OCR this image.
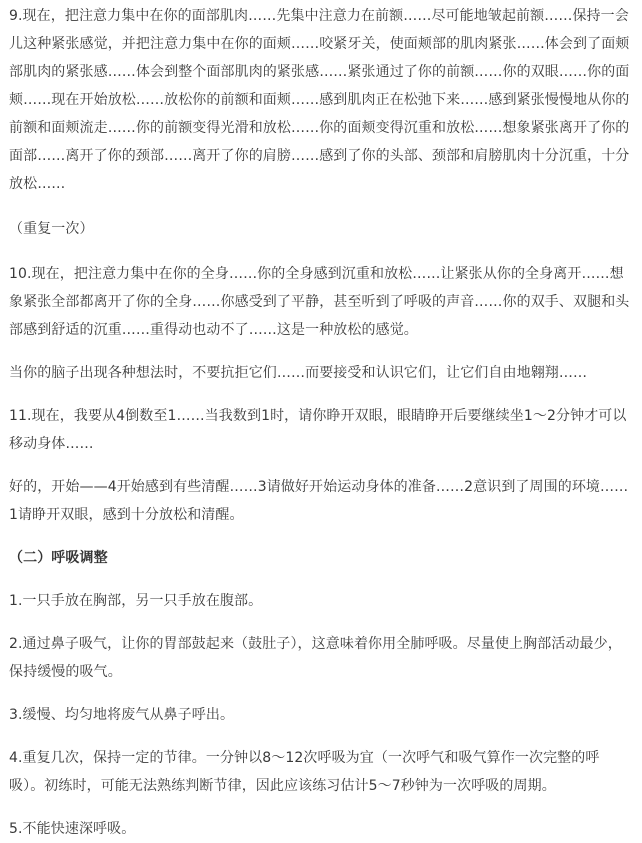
9.现在，把注意力集中在你的面部肌肉……先集中注意力在前额……尽可能地皱起前额……保持一会儿这种紧张感觉，并把注意力集中在你的面颊……咬紧牙关，使面颊部的肌肉紧张……体会到了面颊部肌肉的紧张感……体会到整个面部肌肉的紧张感……紧张通过了你的前额……你的双眼……你的面颊……现在开始放松……放松你的前额和面颊……感到肌肉正在松弛下来……感到紧张慢慢地从你的前额和面颊流走……你的前额变得光滑和放松……你的面颊变得沉重和放松……想象紧张离开了你的面部……离开了你的颈部……离开了你的肩膀……感到了你的头部、颈部和肩膀肌肉十分沉重，十分放松……

（重复一次）

10.现在，把注意力集中在你的全身……你的全身感到沉重和放松……让紧张从你的全身离开……想象紧张全部都离开了你的全身……你感受到了平静，甚至听到了呼吸的声音……你的双手、双腿和头部感到舒适的沉重……重得动也动不了……这是一种放松的感觉。

当你的脑子出现各种想法时，不要抗拒它们……而要接受和认识它们，让它们自由地翱翔……

11.现在，我要从4倒数至1……当我数到1时，请你睁开双眼，眼睛睁开后要继续坐1～2分钟才可以移动身体……

好的，开始——4开始感到有些清醒……3请做好开始运动身体的准备……2意识到了周围的环境……1请睁开双眼，感到十分放松和清醒。

（二）呼吸调整

1.一只手放在胸部，另一只手放在腹部。

2.通过鼻子吸气，让你的胃部鼓起来（鼓肚子），这意味着你用全肺呼吸。尽量使上胸部活动最少，保持缓慢的吸气。

3.缓慢、均匀地将废气从鼻子呼出。

4.重复几次，保持一定的节律。一分钟以8～12次呼吸为宜（一次呼气和吸气算作一次完整的呼吸）。初练时，可能无法熟练判断节律，因此应该练习估计5～7秒钟为一次呼吸的周期。

5.不能快速深呼吸。
